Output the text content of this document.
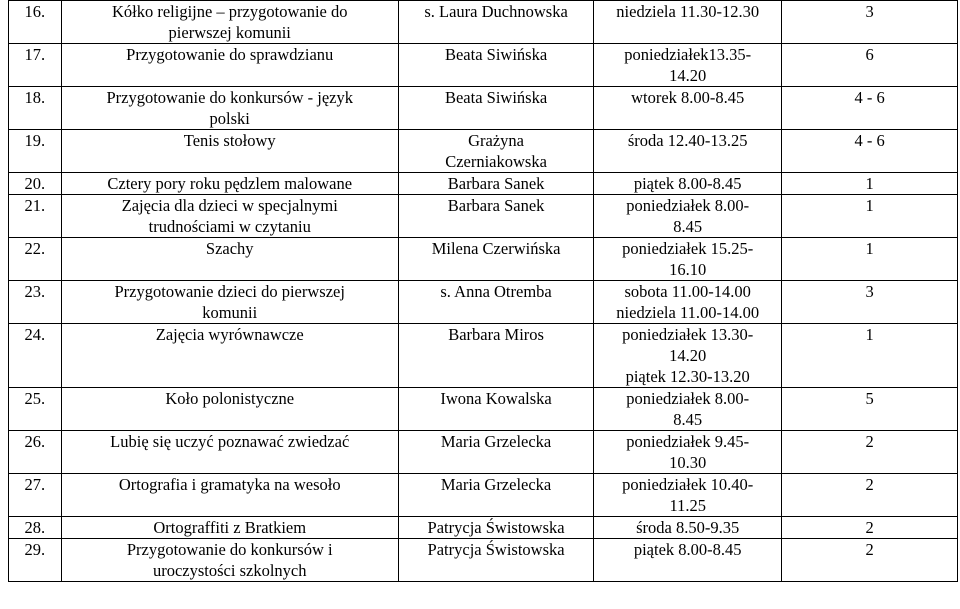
16.	Kółko religijne – przygotowanie do
pierwszej komunii	s. Laura Duchnowska	niedziela 11.30-12.30	3
17.	Przygotowanie do sprawdzianu	Beata Siwińska	poniedziałek13.35-
14.20	6
18.	Przygotowanie do konkursów - język
polski	Beata Siwińska	wtorek 8.00-8.45	4 - 6
19.	Tenis stołowy	Grażyna
Czerniakowska	środa 12.40-13.25	4 - 6
20.	Cztery pory roku pędzlem malowane	Barbara Sanek	piątek 8.00-8.45	1
21.	Zajęcia dla dzieci w specjalnymi
trudnościami w czytaniu	Barbara Sanek	poniedziałek 8.00-
8.45	1
22.	Szachy	Milena Czerwińska	poniedziałek 15.25-
16.10	1
23.	Przygotowanie dzieci do pierwszej
komunii	s. Anna Otremba	sobota 11.00-14.00
niedziela 11.00-14.00	3
24.	Zajęcia wyrównawcze	Barbara Miros	poniedziałek 13.30-
14.20
piątek 12.30-13.20	1
25.	Koło polonistyczne	Iwona Kowalska	poniedziałek 8.00-
8.45	5
26.	Lubię się uczyć poznawać zwiedzać	Maria Grzelecka	poniedziałek 9.45-
10.30	2
27.	Ortografia i gramatyka na wesoło	Maria Grzelecka	poniedziałek 10.40-
11.25	2
28.	Ortograffiti z Bratkiem	Patrycja Świstowska	środa 8.50-9.35	2
29.	Przygotowanie do konkursów i
uroczystości szkolnych	Patrycja Świstowska	piątek 8.00-8.45	2
